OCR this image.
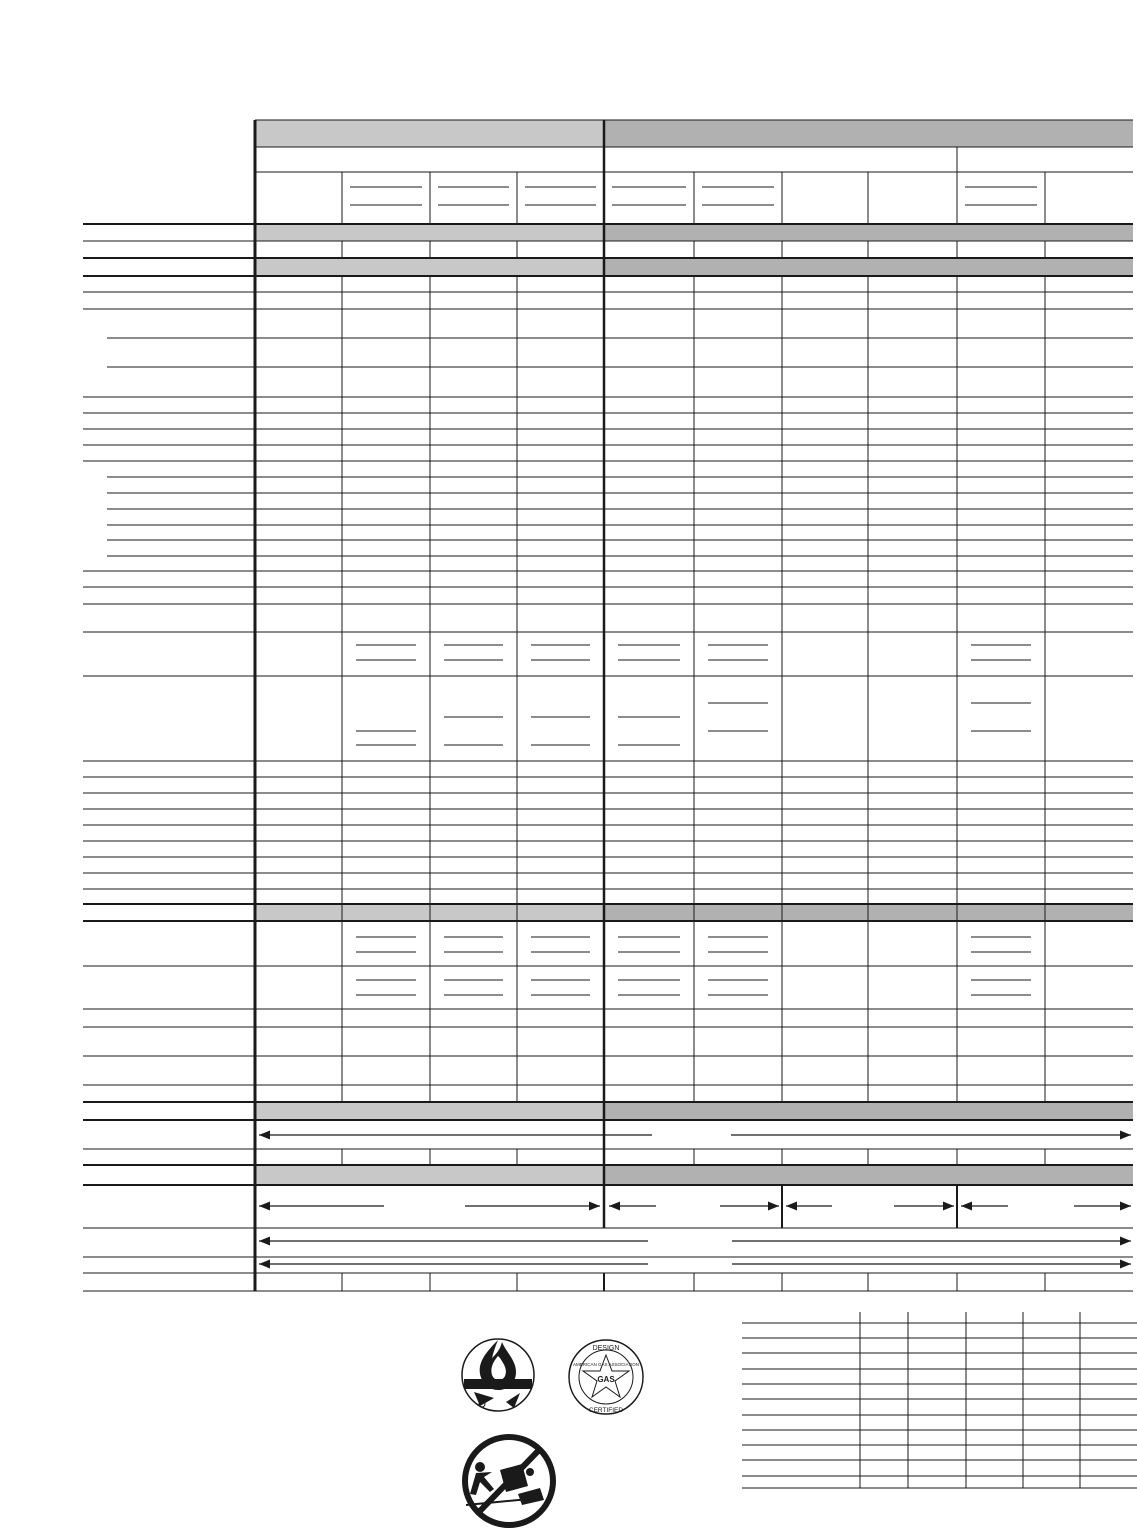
DESIGN
GAS
CERTIFIED
AMERICAN GAS ASSOCIATION
